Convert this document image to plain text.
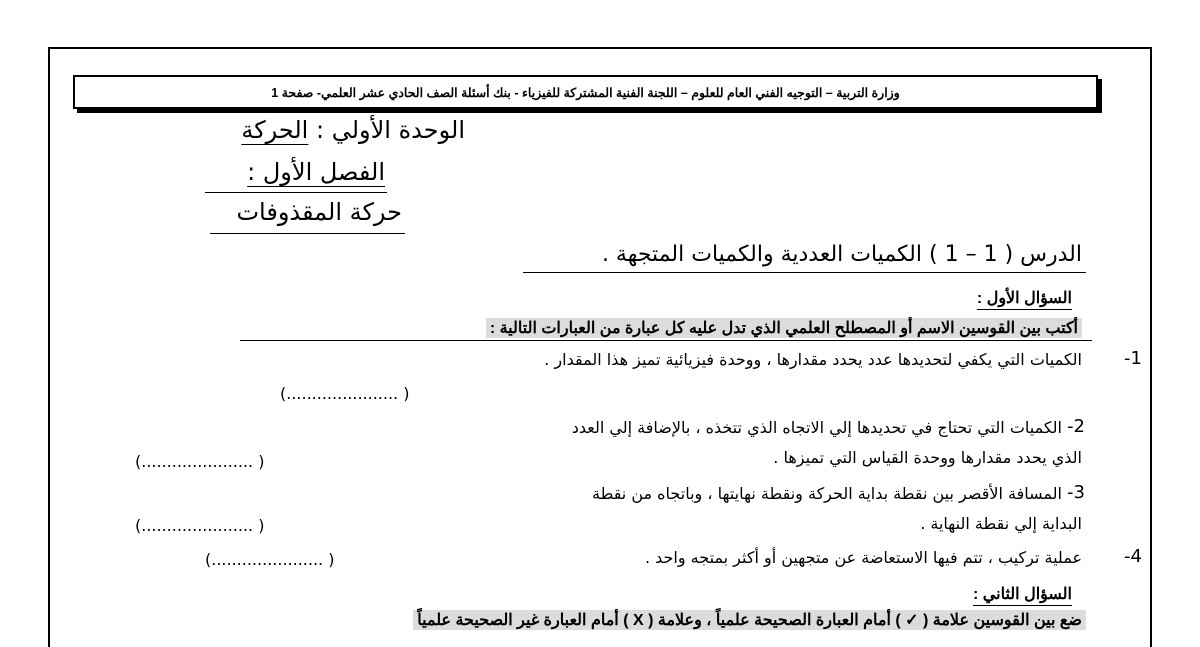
وزارة التربية – التوجيه الفني العام للعلوم – اللجنة الفنية المشتركة للفيزياء - بنك أسئلة الصف الحادي عشر العلمي- صفحة 1
الوحدة الأولي : الحركة
الفصل الأول :
حركة المقذوفات
الدرس ( 1 – 1 ) الكميات العددية والكميات المتجهة .
السؤال الأول :
أكتب بين القوسين الاسم أو المصطلح العلمي الذي تدل عليه كل عبارة من العبارات التالية :
-1
الكميات التي يكفي لتحديدها عدد يحدد مقدارها ، ووحدة فيزيائية تميز هذا المقدار .
(...................... )
-2
الكميات التي تحتاج في تحديدها إلي الاتجاه الذي تتخذه ، بالإضافة إلي العدد
الذي يحدد مقدارها ووحدة القياس التي تميزها .
(...................... )
-3
المسافة الأقصر بين نقطة بداية الحركة ونقطة نهايتها ، وباتجاه من نقطة
البداية إلي نقطة النهاية .
(...................... )
-4
عملية تركيب ، تتم فيها الاستعاضة عن متجهين أو أكثر بمتجه واحد .
(...................... )
السؤال الثاني :
ضع بين القوسين علامة ( ✓ ) أمام العبارة الصحيحة علمياً ، وعلامة ( X ) أمام العبارة غير الصحيحة علمياً
